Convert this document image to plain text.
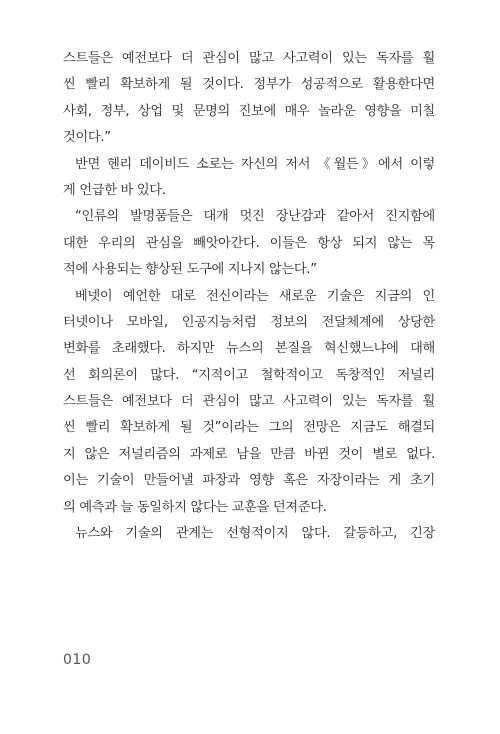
스트들은 예전보다 더 관심이 많고 사고력이 있는 독자를 훨
씬 빨리 확보하게 될 것이다. 정부가 성공적으로 활용한다면
사회, 정부, 상업 및 문명의 진보에 매우 놀라운 영향을 미칠
것이다.”
반면 헨리 데이비드 소로는 자신의 저서 《월든》에서 이렇
게 언급한 바 있다.
“인류의 발명품들은 대개 멋진 장난감과 같아서 진지함에
대한 우리의 관심을 빼앗아간다. 이들은 항상 되지 않는 목
적에 사용되는 향상된 도구에 지나지 않는다.”
베넷이 예언한 대로 전신이라는 새로운 기술은 지금의 인
터넷이나 모바일, 인공지능처럼 정보의 전달체계에 상당한
변화를 초래했다. 하지만 뉴스의 본질을 혁신했느냐에 대해
선 회의론이 많다. “지적이고 철학적이고 독창적인 저널리
스트들은 예전보다 더 관심이 많고 사고력이 있는 독자를 훨
씬 빨리 확보하게 될 것”이라는 그의 전망은 지금도 해결되
지 않은 저널리즘의 과제로 남을 만큼 바뀐 것이 별로 없다.
이는 기술이 만들어낼 파장과 영향 혹은 자장이라는 게 초기
의 예측과 늘 동일하지 않다는 교훈을 던져준다.
뉴스와 기술의 관계는 선형적이지 않다. 갈등하고, 긴장
010
